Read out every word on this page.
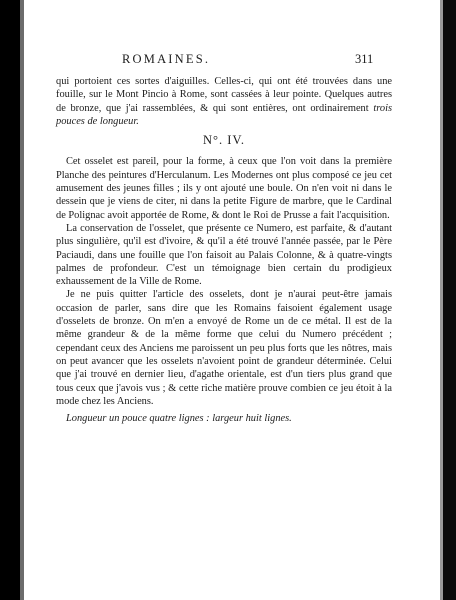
ROMAINES.	311

qui portoient ces sortes d'aiguilles. Celles-ci, qui ont été trouvées dans une fouille, sur le Mont Pincio à Rome, sont cassées à leur pointe. Quelques autres de bronze, que j'ai rassemblées, & qui sont entières, ont ordinairement trois pouces de longueur.

N°. IV.

Cet osselet est pareil, pour la forme, à ceux que l'on voit dans la première Planche des peintures d'Herculanum. Les Modernes ont plus composé ce jeu cet amusement des jeunes filles ; ils y ont ajouté une boule. On n'en voit ni dans le dessein que je viens de citer, ni dans la petite Figure de marbre, que le Cardinal de Polignac avoit apportée de Rome, & dont le Roi de Prusse a fait l'acquisition.

La conservation de l'osselet, que présente ce Numero, est parfaite, & d'autant plus singulière, qu'il est d'ivoire, & qu'il a été trouvé l'année passée, par le Père Paciaudi, dans une fouille que l'on faisoit au Palais Colonne, & à quatre-vingts palmes de profondeur. C'est un témoignage bien certain du prodigieux exhaussement de la Ville de Rome.

Je ne puis quitter l'article des osselets, dont je n'aurai peut-être jamais occasion de parler, sans dire que les Romains faisoient également usage d'osselets de bronze. On m'en a envoyé de Rome un de ce métal. Il est de la même grandeur & de la même forme que celui du Numero précédent ; cependant ceux des Anciens me paroissent un peu plus forts que les nôtres, mais on peut avancer que les osselets n'avoient point de grandeur déterminée. Celui que j'ai trouvé en dernier lieu, d'agathe orientale, est d'un tiers plus grand que tous ceux que j'avois vus ; & cette riche matière prouve combien ce jeu étoit à la mode chez les Anciens.

Longueur un pouce quatre lignes : largeur huit lignes.
